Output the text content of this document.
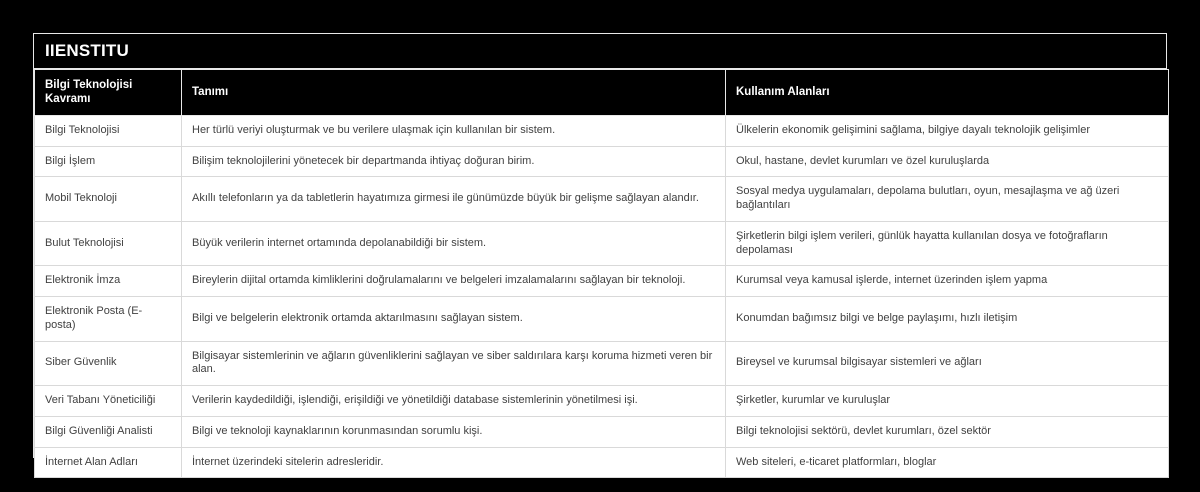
IIENSTITU
Bilgi Teknolojisi Kavramı	Tanımı	Kullanım Alanları
Bilgi Teknolojisi	Her türlü veriyi oluşturmak ve bu verilere ulaşmak için kullanılan bir sistem.	Ülkelerin ekonomik gelişimini sağlama, bilgiye dayalı teknolojik gelişimler
Bilgi İşlem	Bilişim teknolojilerini yönetecek bir departmanda ihtiyaç doğuran birim.	Okul, hastane, devlet kurumları ve özel kuruluşlarda
Mobil Teknoloji	Akıllı telefonların ya da tabletlerin hayatımıza girmesi ile günümüzde büyük bir gelişme sağlayan alandır.	Sosyal medya uygulamaları, depolama bulutları, oyun, mesajlaşma ve ağ üzeri bağlantıları
Bulut Teknolojisi	Büyük verilerin internet ortamında depolanabildiği bir sistem.	Şirketlerin bilgi işlem verileri, günlük hayatta kullanılan dosya ve fotoğrafların depolaması
Elektronik İmza	Bireylerin dijital ortamda kimliklerini doğrulamalarını ve belgeleri imzalamalarını sağlayan bir teknoloji.	Kurumsal veya kamusal işlerde, internet üzerinden işlem yapma
Elektronik Posta (E-posta)	Bilgi ve belgelerin elektronik ortamda aktarılmasını sağlayan sistem.	Konumdan bağımsız bilgi ve belge paylaşımı, hızlı iletişim
Siber Güvenlik	Bilgisayar sistemlerinin ve ağların güvenliklerini sağlayan ve siber saldırılara karşı koruma hizmeti veren bir alan.	Bireysel ve kurumsal bilgisayar sistemleri ve ağları
Veri Tabanı Yöneticiliği	Verilerin kaydedildiği, işlendiği, erişildiği ve yönetildiği database sistemlerinin yönetilmesi işi.	Şirketler, kurumlar ve kuruluşlar
Bilgi Güvenliği Analisti	Bilgi ve teknoloji kaynaklarının korunmasından sorumlu kişi.	Bilgi teknolojisi sektörü, devlet kurumları, özel sektör
İnternet Alan Adları	İnternet üzerindeki sitelerin adresleridir.	Web siteleri, e-ticaret platformları, bloglar
